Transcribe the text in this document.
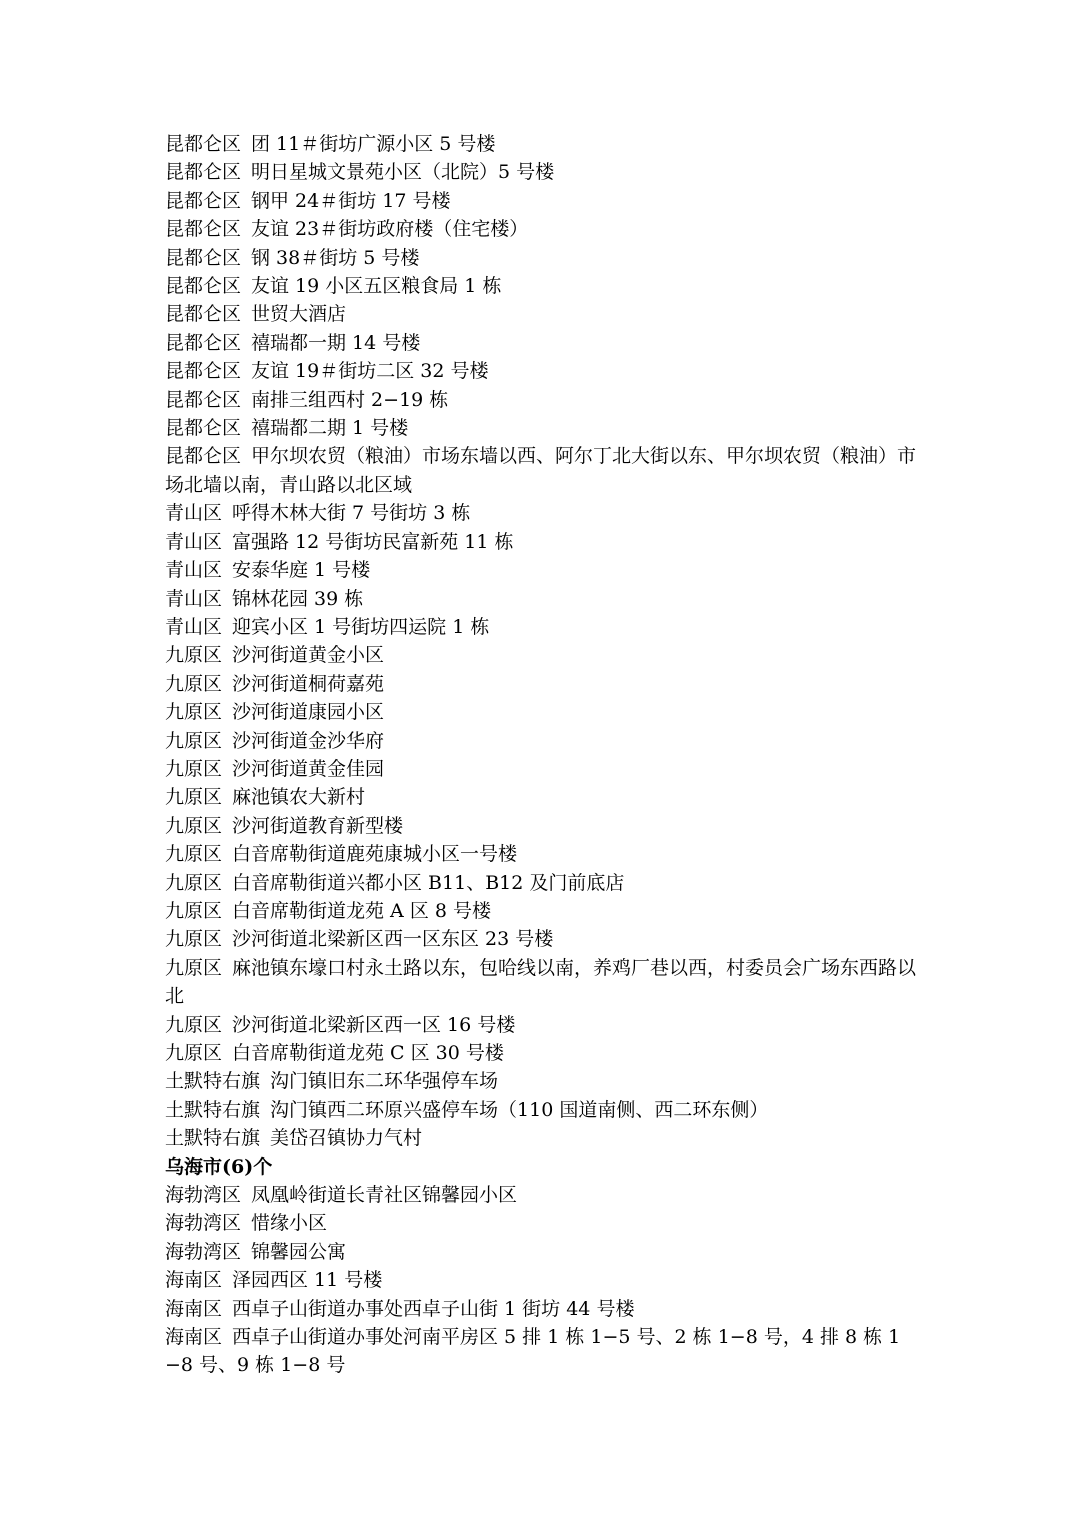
昆都仑区 团 11＃街坊广源小区 5 号楼
昆都仑区 明日星城文景苑小区（北院）5 号楼
昆都仑区 钢甲 24＃街坊 17 号楼
昆都仑区 友谊 23＃街坊政府楼（住宅楼）
昆都仑区 钢 38＃街坊 5 号楼
昆都仑区 友谊 19 小区五区粮食局 1 栋
昆都仑区 世贸大酒店
昆都仑区 禧瑞都一期 14 号楼
昆都仑区 友谊 19＃街坊二区 32 号楼
昆都仑区 南排三组西村 2−19 栋
昆都仑区 禧瑞都二期 1 号楼
昆都仑区 甲尔坝农贸（粮油）市场东墙以西、阿尔丁北大街以东、甲尔坝农贸（粮油）市场北墙以南，青山路以北区域
青山区 呼得木林大街 7 号街坊 3 栋
青山区 富强路 12 号街坊民富新苑 11 栋
青山区 安泰华庭 1 号楼
青山区 锦林花园 39 栋
青山区 迎宾小区 1 号街坊四运院 1 栋
九原区 沙河街道黄金小区
九原区 沙河街道桐荷嘉苑
九原区 沙河街道康园小区
九原区 沙河街道金沙华府
九原区 沙河街道黄金佳园
九原区 麻池镇农大新村
九原区 沙河街道教育新型楼
九原区 白音席勒街道鹿苑康城小区一号楼
九原区 白音席勒街道兴都小区 B11、B12 及门前底店
九原区 白音席勒街道龙苑 A 区 8 号楼
九原区 沙河街道北梁新区西一区东区 23 号楼
九原区 麻池镇东壕口村永土路以东，包哈线以南，养鸡厂巷以西，村委员会广场东西路以北
九原区 沙河街道北梁新区西一区 16 号楼
九原区 白音席勒街道龙苑 C 区 30 号楼
土默特右旗 沟门镇旧东二环华强停车场
土默特右旗 沟门镇西二环原兴盛停车场（110 国道南侧、西二环东侧）
土默特右旗 美岱召镇协力气村
乌海市(6)个
海勃湾区 凤凰岭街道长青社区锦馨园小区
海勃湾区 惜缘小区
海勃湾区 锦馨园公寓
海南区 泽园西区 11 号楼
海南区 西卓子山街道办事处西卓子山街 1 街坊 44 号楼
海南区 西卓子山街道办事处河南平房区 5 排 1 栋 1−5 号、2 栋 1−8 号，4 排 8 栋 1−8 号、9 栋 1−8 号
